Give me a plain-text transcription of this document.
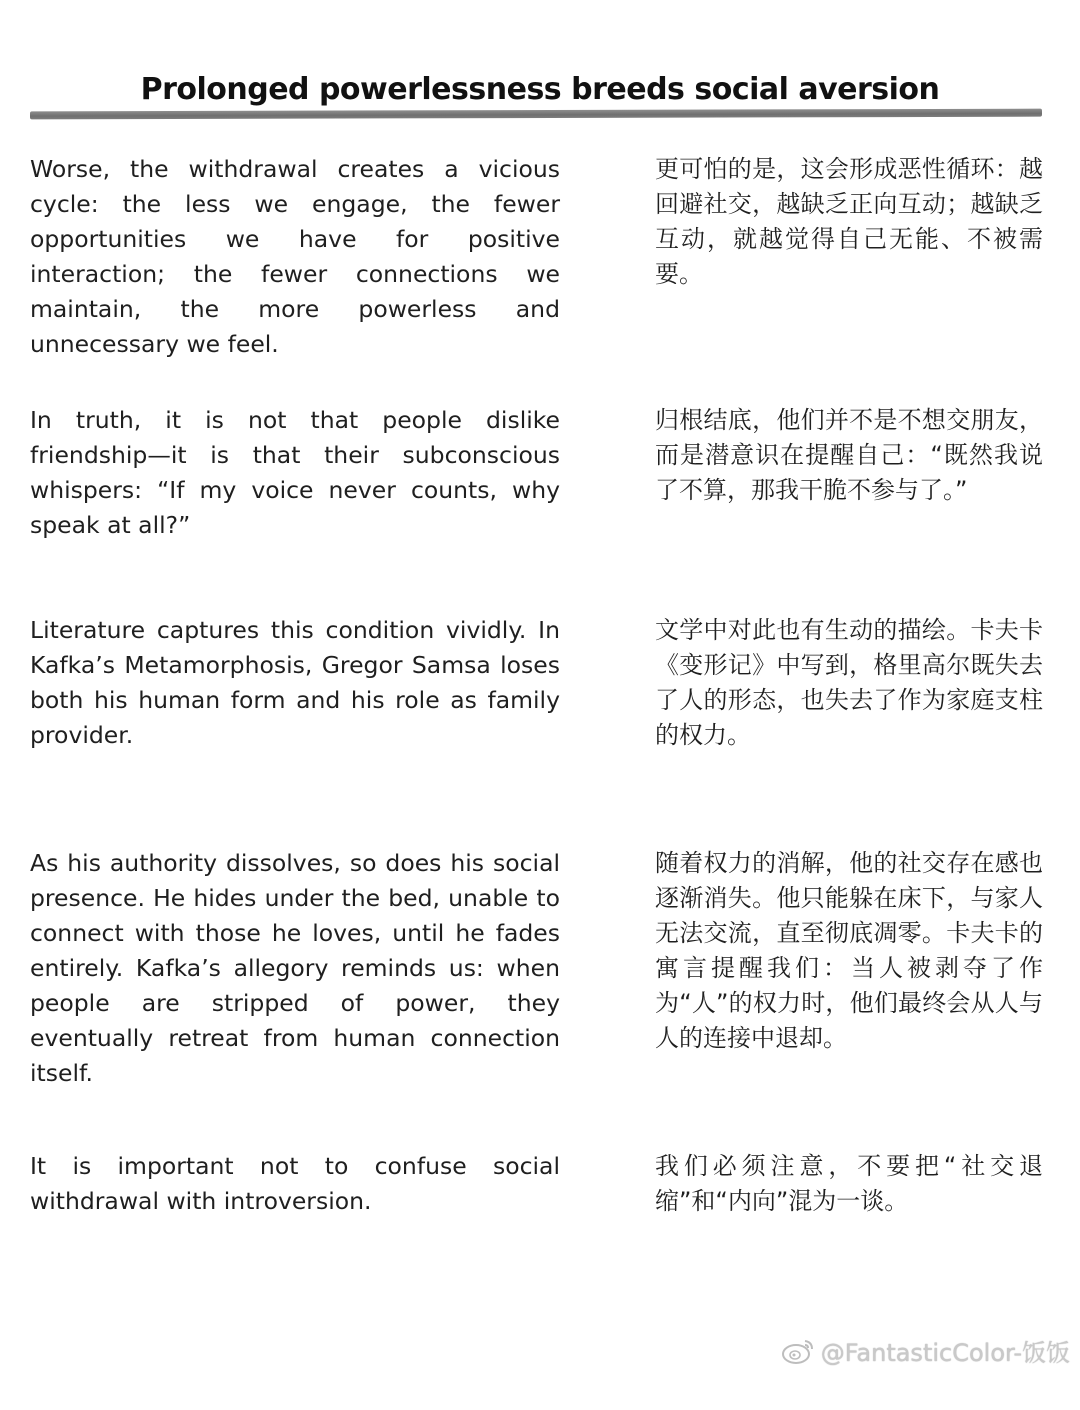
Prolonged powerlessness breeds social aversion
Worse, the withdrawal creates a vicious cycle: the less we engage, the fewer opportunities we have for positive interaction; the fewer connections we maintain, the more powerless and unnecessary we feel.
更可怕的是，这会形成恶性循环：越回避社交，越缺乏正向互动；越缺乏互动，就越觉得自己无能、不被需要。
In truth, it is not that people dislike friendship—it is that their subconscious whispers: “If my voice never counts, why speak at all?”
归根结底，他们并不是不想交朋友，而是潜意识在提醒自己：“既然我说了不算，那我干脆不参与了。”
Literature captures this condition vividly. In Kafka’s Metamorphosis, Gregor Samsa loses both his human form and his role as family provider.
文学中对此也有生动的描绘。卡夫卡《变形记》中写到，格里高尔既失去了人的形态，也失去了作为家庭支柱的权力。
As his authority dissolves, so does his social presence. He hides under the bed, unable to connect with those he loves, until he fades entirely. Kafka’s allegory reminds us: when people are stripped of power, they eventually retreat from human connection itself.
随着权力的消解，他的社交存在感也逐渐消失。他只能躲在床下，与家人无法交流，直至彻底凋零。卡夫卡的寓言提醒我们：当人被剥夺了作为“人”的权力时，他们最终会从人与人的连接中退却。
It is important not to confuse social withdrawal with introversion.
我们必须注意，不要把“社交退缩”和“内向”混为一谈。
@FantasticColor-饭饭
